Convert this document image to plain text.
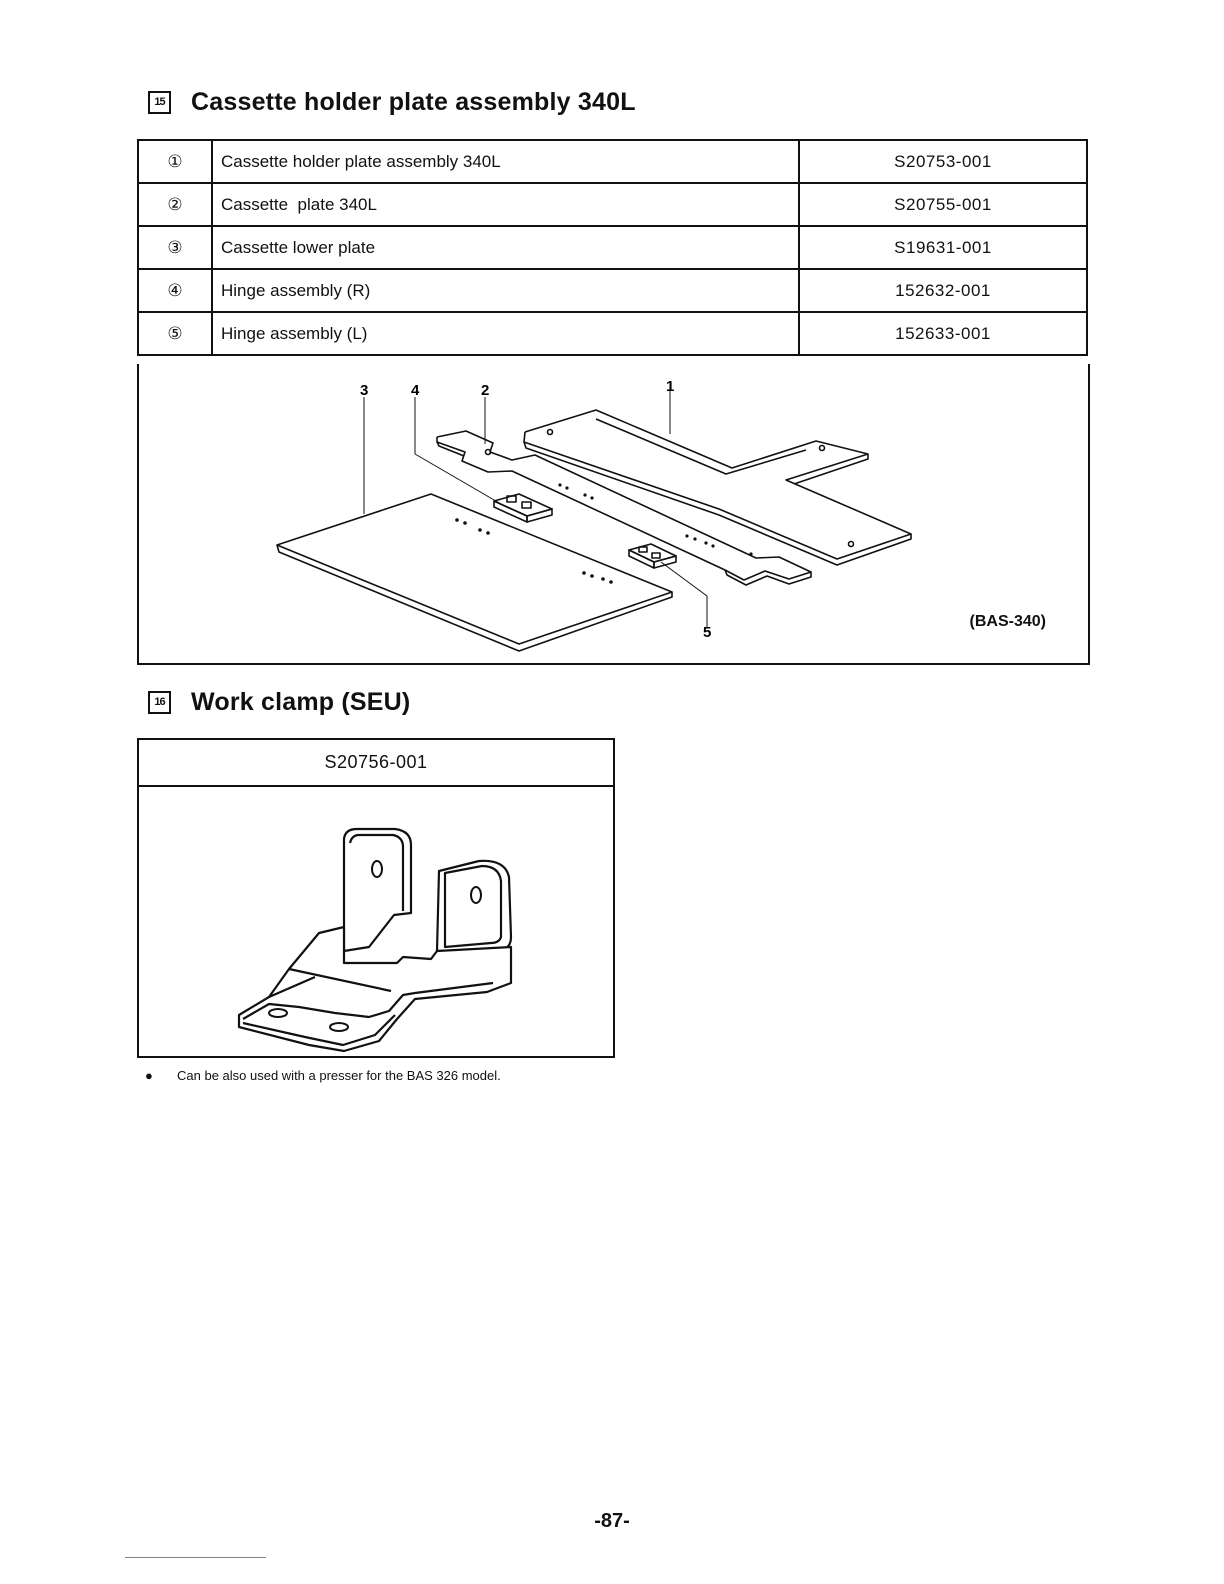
15 Cassette holder plate assembly 340L
①	Cassette holder plate assembly 340L	S20753-001
②	Cassette  plate 340L	S20755-001
③	Cassette lower plate	S19631-001
④	Hinge assembly (R)	152632-001
⑤	Hinge assembly (L)	152633-001
3	4	2	1
5
(BAS-340)
16 Work clamp (SEU)
S20756-001
● Can be also used with a presser for the BAS 326 model.
-87-
